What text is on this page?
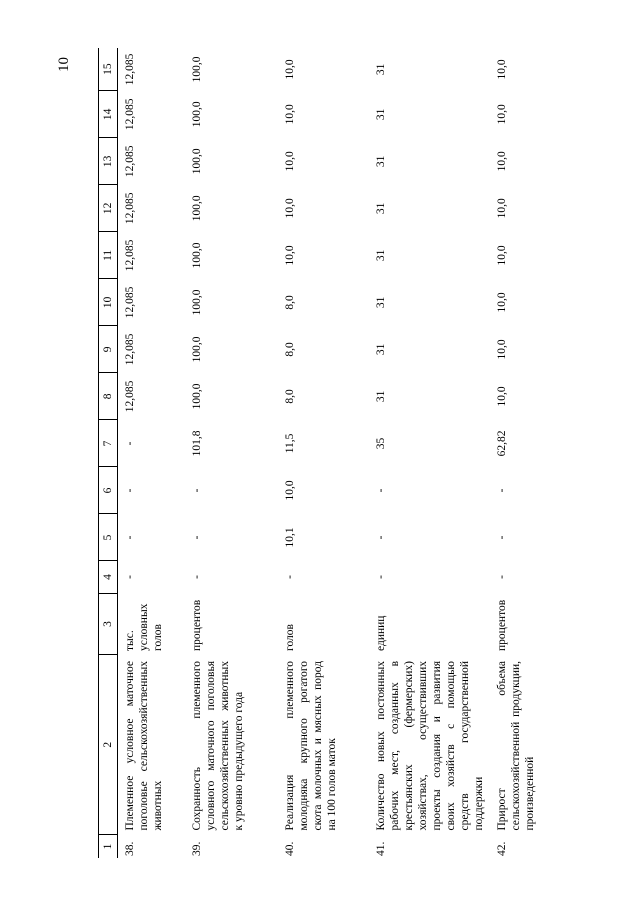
10
1	2	3	4	5	6	7	8	9	10	11	12	13	14	15
38.	Племенное условное маточное поголовье сельскохозяйственных животных	тыс. условных голов	-	-	-	-	12,085	12,085	12,085	12,085	12,085	12,085	12,085	12,085
39.	Сохранность племенного условного маточного поголовья сельскохозяйственных животных к уровню предыдущего года	процентов	-	-	-	101,8	100,0	100,0	100,0	100,0	100,0	100,0	100,0	100,0
40.	Реализация племенного молодняка крупного рогатого скота молочных и мясных пород на 100 голов маток	голов	-	10,1	10,0	11,5	8,0	8,0	8,0	10,0	10,0	10,0	10,0	10,0
41.	Количество новых постоянных рабочих мест, созданных в крестьянских (фермерских) хозяйствах, осуществивших проекты создания и развития своих хозяйств с помощью средств государственной поддержки	единиц	-	-	-	35	31	31	31	31	31	31	31	31
42.	Прирост объема сельскохозяйственной продукции, произведенной	процентов	-	-	-	62,82	10,0	10,0	10,0	10,0	10,0	10,0	10,0	10,0
